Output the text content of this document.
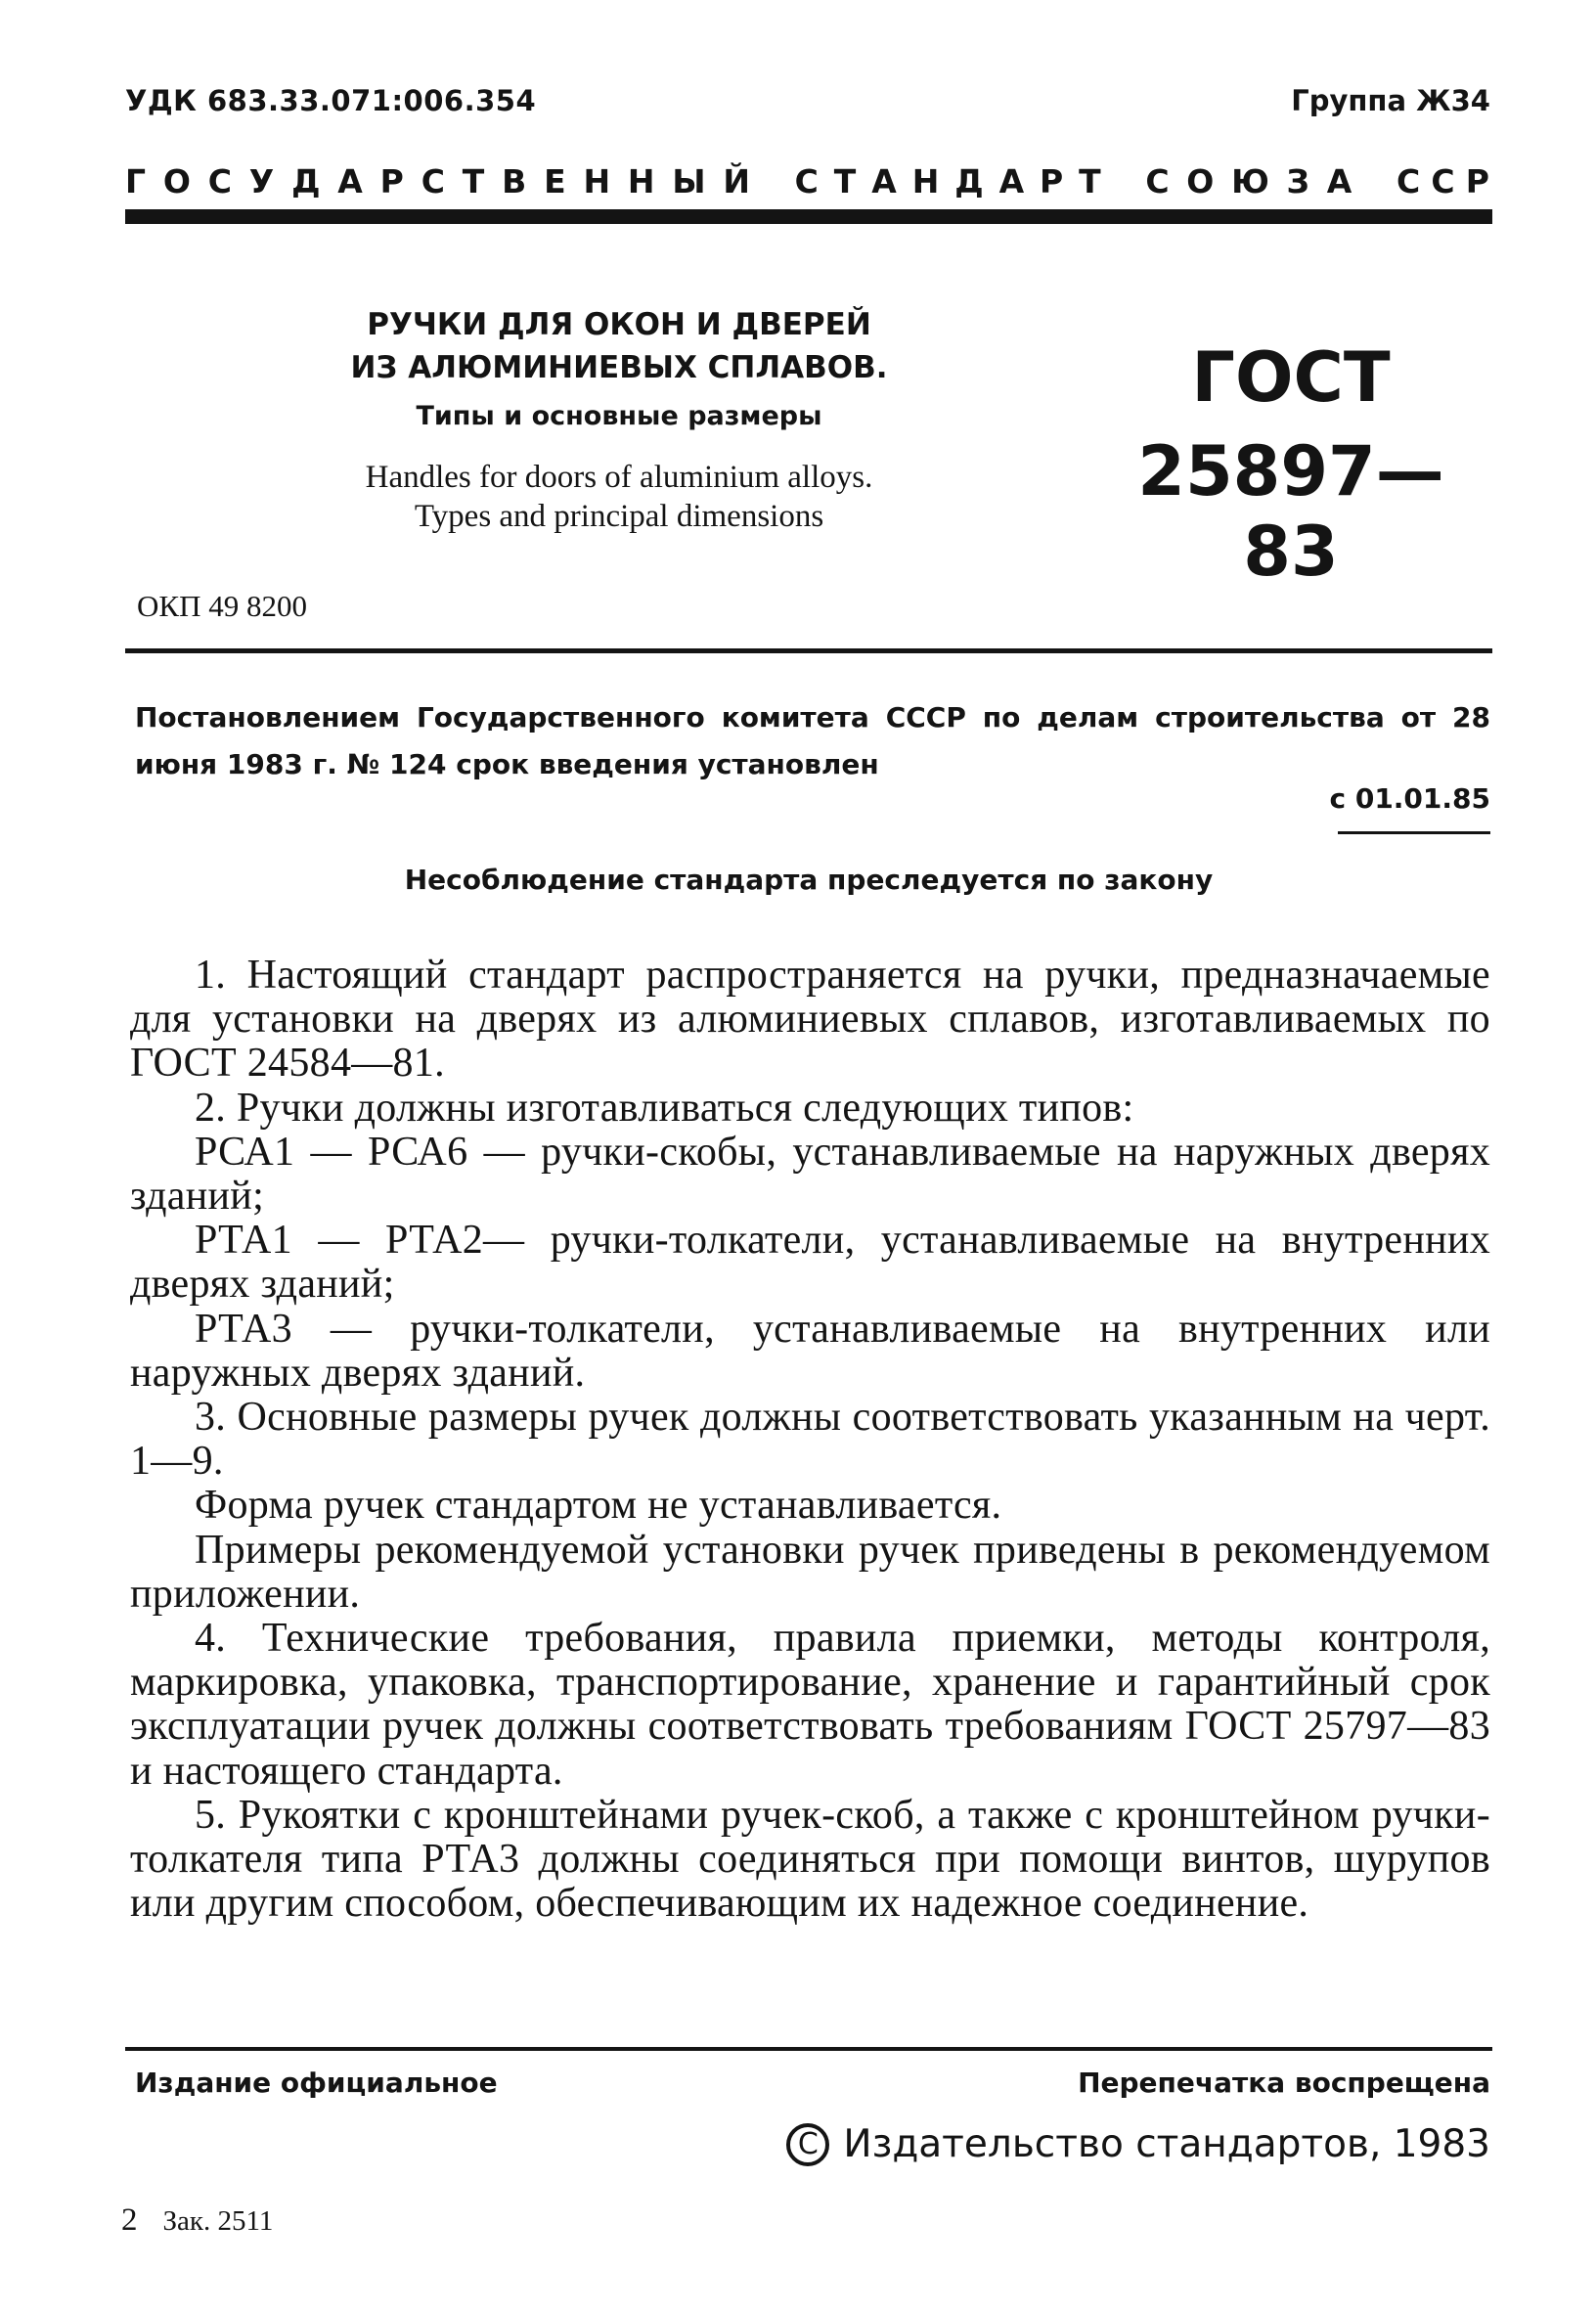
УДК 683.33.071:006.354	Группа Ж34
Г О С У Д А Р С Т В Е Н Н Ы Й С Т А Н Д А Р Т С О Ю З А С С Р
РУЧКИ ДЛЯ ОКОН И ДВЕРЕЙ
ИЗ АЛЮМИНИЕВЫХ СПЛАВОВ.
Типы и основные размеры
Handles for doors of aluminium alloys.
Types and principal dimensions
ГОСТ
25897—83
ОКП 49 8200
Постановлением Государственного комитета СССР по делам строительства от 28 июня 1983 г. № 124 срок введения установлен
с 01.01.85
Несоблюдение стандарта преследуется по закону

1. Настоящий стандарт распространяется на ручки, предназначаемые для установки на дверях из алюминиевых сплавов, изготавливаемых по ГОСТ 24584—81.

2. Ручки должны изготавливаться следующих типов:

РСА1 — РСА6 — ручки-скобы, устанавливаемые на наружных дверях зданий;

РТА1 — РТА2— ручки-толкатели, устанавливаемые на внутренних дверях зданий;

РТА3 — ручки-толкатели, устанавливаемые на внутренних или наружных дверях зданий.

3. Основные размеры ручек должны соответствовать указанным на черт. 1—9.

Форма ручек стандартом не устанавливается.

Примеры рекомендуемой установки ручек приведены в рекомендуемом приложении.

4. Технические требования, правила приемки, методы контроля, маркировка, упаковка, транспортирование, хранение и гарантийный срок эксплуатации ручек должны соответствовать требованиям ГОСТ 25797—83 и настоящего стандарта.

5. Рукоятки с кронштейнами ручек-скоб, а также с кронштейном ручки-толкателя типа РТА3 должны соединяться при помощи винтов, шурупов или другим способом, обеспечивающим их надежное соединение.

Издание официальное	Перепечатка воспрещена
C Издательство стандартов, 1983
2 Зак. 2511
